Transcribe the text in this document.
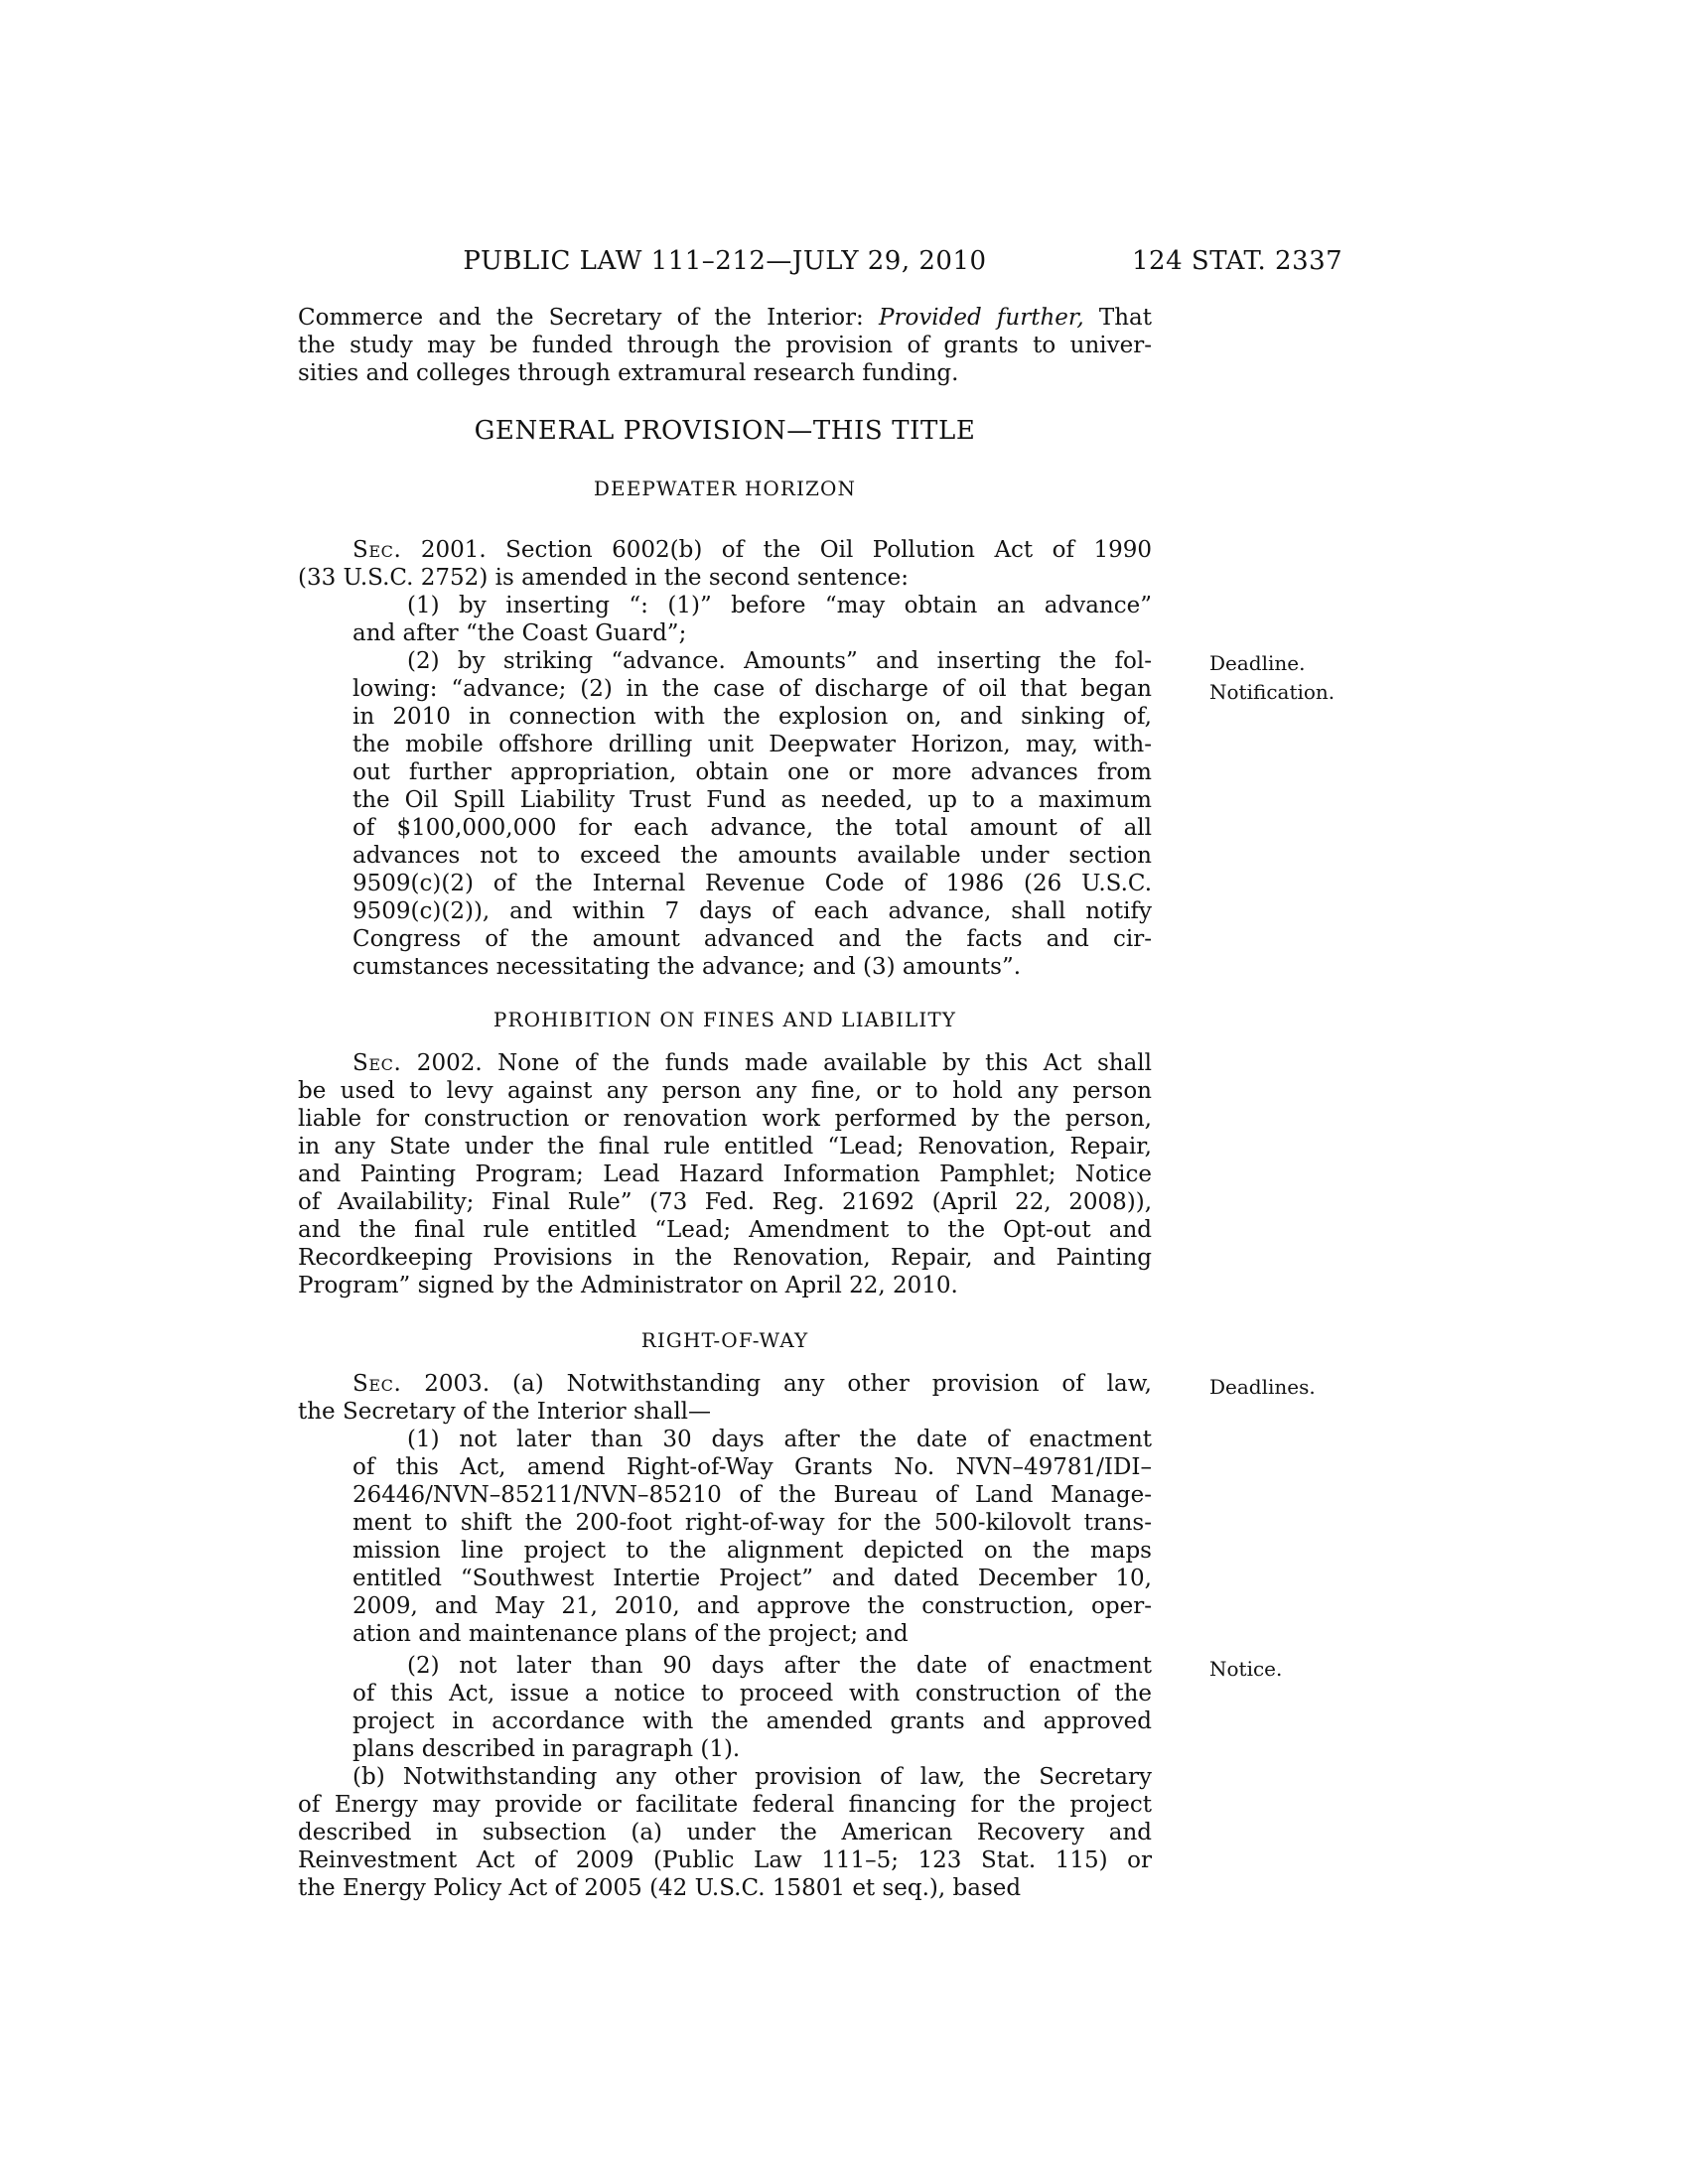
PUBLIC LAW 111–212—JULY 29, 2010	124 STAT. 2337
Commerce and the Secretary of the Interior: Provided further, That
the study may be funded through the provision of grants to univer-
sities and colleges through extramural research funding.
GENERAL PROVISION—THIS TITLE
DEEPWATER HORIZON
Sec. 2001. Section 6002(b) of the Oil Pollution Act of 1990
(33 U.S.C. 2752) is amended in the second sentence:
(1) by inserting “: (1)” before “may obtain an advance”
and after “the Coast Guard”;
(2) by striking “advance. Amounts” and inserting the fol-
lowing: “advance; (2) in the case of discharge of oil that began
in 2010 in connection with the explosion on, and sinking of,
the mobile offshore drilling unit Deepwater Horizon, may, with-
out further appropriation, obtain one or more advances from
the Oil Spill Liability Trust Fund as needed, up to a maximum
of $100,000,000 for each advance, the total amount of all
advances not to exceed the amounts available under section
9509(c)(2) of the Internal Revenue Code of 1986 (26 U.S.C.
9509(c)(2)), and within 7 days of each advance, shall notify
Congress of the amount advanced and the facts and cir-
cumstances necessitating the advance; and (3) amounts”.
PROHIBITION ON FINES AND LIABILITY
Sec. 2002. None of the funds made available by this Act shall
be used to levy against any person any fine, or to hold any person
liable for construction or renovation work performed by the person,
in any State under the final rule entitled “Lead; Renovation, Repair,
and Painting Program; Lead Hazard Information Pamphlet; Notice
of Availability; Final Rule” (73 Fed. Reg. 21692 (April 22, 2008)),
and the final rule entitled “Lead; Amendment to the Opt-out and
Recordkeeping Provisions in the Renovation, Repair, and Painting
Program” signed by the Administrator on April 22, 2010.
RIGHT-OF-WAY
Sec. 2003. (a) Notwithstanding any other provision of law,
the Secretary of the Interior shall—
(1) not later than 30 days after the date of enactment
of this Act, amend Right-of-Way Grants No. NVN–49781/IDI–
26446/NVN–85211/NVN–85210 of the Bureau of Land Manage-
ment to shift the 200-foot right-of-way for the 500-kilovolt trans-
mission line project to the alignment depicted on the maps
entitled “Southwest Intertie Project” and dated December 10,
2009, and May 21, 2010, and approve the construction, oper-
ation and maintenance plans of the project; and
(2) not later than 90 days after the date of enactment
of this Act, issue a notice to proceed with construction of the
project in accordance with the amended grants and approved
plans described in paragraph (1).
(b) Notwithstanding any other provision of law, the Secretary
of Energy may provide or facilitate federal financing for the project
described in subsection (a) under the American Recovery and
Reinvestment Act of 2009 (Public Law 111–5; 123 Stat. 115) or
the Energy Policy Act of 2005 (42 U.S.C. 15801 et seq.), based
Deadline.
Notification.
Deadlines.
Notice.
